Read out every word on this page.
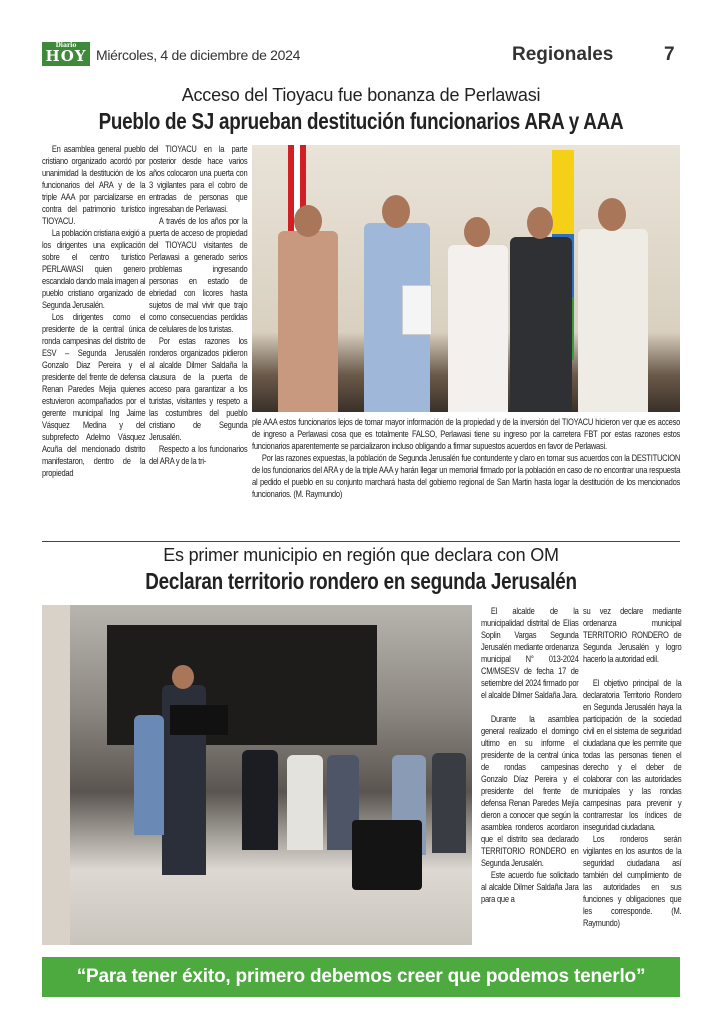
Diario
HOY Miércoles, 4 de diciembre de 2024	Regionales	7
Acceso del Tioyacu fue bonanza de Perlawasi
Pueblo de SJ aprueban destitución funcionarios ARA y AAA

En asamblea general pueblo cristiano organizado acordó por unanimidad la destitución de los funcionarios del ARA y de la triple AAA por parcializarse en contra del patrimonio turístico TIOYACU.

La población cristiana exigió a los dirigentes una explicación sobre el centro turístico PERLAWASI quien genero escandalo dando mala imagen al pueblo cristiano organizado de Segunda Jerusalén.

Los dirigentes como el presidente de la central única ronda campesinas del distrito de ESV – Segunda Jerusalén Gonzalo Diaz Pereira y el presidente del frente de defensa Renan Paredes Mejia quienes estuvieron acompañados por el gerente municipal Ing Jaime Vásquez Medina y del subprefecto Adelmo Vásquez Acuña del mencionado distrito manifestaron, dentro de la propiedad

del TIOYACU en la parte posterior desde hace varios años colocaron una puerta con 3 vigilantes para el cobro de entradas de personas que ingresaban de Perlawasi.

A través de los años por la puerta de acceso de propiedad del TIOYACU visitantes de Perlawasi a generado serios problemas ingresando personas en estado de ebriedad con licores hasta sujetos de mal vivir que trajo como consecuencias perdidas de celulares de los turistas.

Por estas razones los ronderos organizados pidieron al alcalde Dilmer Saldaña la clausura de la puerta de acceso para garantizar a los turistas, visitantes y respeto a las costumbres del pueblo cristiano de Segunda Jerusalén.

Respecto a los funcionarios del ARA y de la tri-

ple AAA estos funcionarios lejos de tomar mayor información de la propiedad y de la inversión del TIOYACU hicieron ver que es acceso de ingreso a Perlawasi cosa que es totalmente FALSO, Perlawasi tiene su ingreso por la carretera FBT por estas razones estos funcionarios aparentemente se parcializaron incluso obligando a firmar supuestos acuerdos en favor de Perlawasi.

Por las razones expuestas, la población de Segunda Jerusalén fue contundente y claro en tomar sus acuerdos con la DESTITUCION de los funcionarios del ARA y de la triple AAA y harán llegar un memorial firmado por la población en caso de no encontrar una respuesta al pedido el pueblo en su conjunto marchará hasta del gobiemo regional de San Martin hasta logar la destitución de los mencionados funcionarios. (M. Raymundo)

Es primer municipio en región que declara con OM
Declaran territorio rondero en segunda Jerusalén

El alcalde de la municipalidad distrital de Elías Soplin Vargas Segunda Jerusalén mediante ordenanza municipal N° 013-2024 CM/MSESV de fecha 17 de setiembre del 2024 firmado por el alcalde Dilmer Saldaña Jara.

Durante la asamblea general realizado el domingo ultimo en su informe el presidente de la central única de rondas campesinas Gonzalo Díaz Pereira y el presidente del frente de defensa Renan Paredes Mejía dieron a conocer que según la asamblea ronderos acordaron que el distrito sea declarado TERRITORIO RONDERO en Segunda Jerusalén.

Este acuerdo fue solicitado al alcalde Dilmer Saldaña Jara para que a

su vez declare mediante ordenanza municipal TERRITORIO RONDERO de Segunda Jerusalén y logro hacerlo la autoridad edil.

El objetivo principal de la declaratoria Territorio Rondero en Segunda Jerusalén haya la participación de la sociedad civil en el sistema de seguridad ciudadana que les permite que todas las personas tienen el derecho y el deber de colaborar con las autoridades municipales y las rondas campesinas para prevenir y contrarrestar los índices de inseguridad ciudadana.

Los ronderos serán vigilantes en los asuntos de la seguridad ciudadana así también del cumplimiento de las autoridades en sus funciones y obligaciones que les corresponde. (M. Raymundo)

“Para tener éxito, primero debemos creer que podemos tenerlo”
